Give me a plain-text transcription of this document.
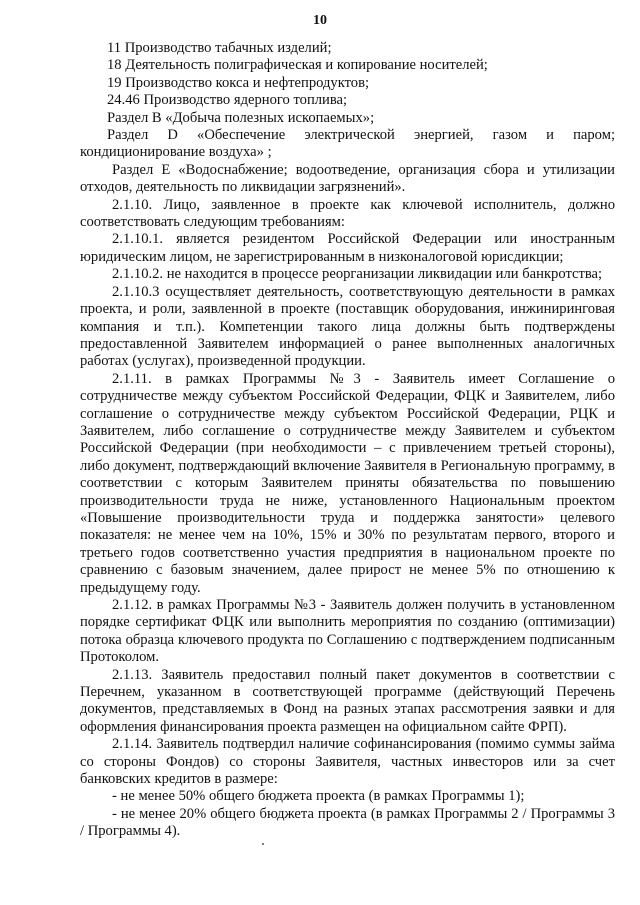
10

11 Производство табачных изделий;

18 Деятельность полиграфическая и копирование носителей;

19 Производство кокса и нефтепродуктов;

24.46 Производство ядерного топлива;

Раздел B «Добыча полезных ископаемых»;

Раздел D «Обеспечение электрической энергией, газом и паром; кондиционирование воздуха» ;

Раздел E «Водоснабжение; водоотведение, организация сбора и утилизации отходов, деятельность по ликвидации загрязнений».

2.1.10. Лицо, заявленное в проекте как ключевой исполнитель, должно соответствовать следующим требованиям:

2.1.10.1. является резидентом Российской Федерации или иностранным юридическим лицом, не зарегистрированным в низконалоговой юрисдикции;

2.1.10.2. не находится в процессе реорганизации ликвидации или банкротства;

2.1.10.3 осуществляет деятельность, соответствующую деятельности в рамках проекта, и роли, заявленной в проекте (поставщик оборудования, инжиниринговая компания и т.п.). Компетенции такого лица должны быть подтверждены предоставленной Заявителем информацией о ранее выполненных аналогичных работах (услугах), произведенной продукции.

2.1.11. в рамках Программы №3 - Заявитель имеет Соглашение о сотрудничестве между субъектом Российской Федерации, ФЦК и Заявителем, либо соглашение о сотрудничестве между субъектом Российской Федерации, РЦК и Заявителем, либо соглашение о сотрудничестве между Заявителем и субъектом Российской Федерации (при необходимости – с привлечением третьей стороны), либо документ, подтверждающий включение Заявителя в Региональную программу, в соответствии с которым Заявителем приняты обязательства по повышению производительности труда не ниже, установленного Национальным проектом «Повышение производительности труда и поддержка занятости» целевого показателя: не менее чем на 10%, 15% и 30% по результатам первого, второго и третьего годов соответственно участия предприятия в национальном проекте по сравнению с базовым значением, далее прирост не менее 5% по отношению к предыдущему году.

2.1.12. в рамках Программы №3 - Заявитель должен получить в установленном порядке сертификат ФЦК или выполнить мероприятия по созданию (оптимизации) потока образца ключевого продукта по Соглашению с подтверждением подписанным Протоколом.

2.1.13. Заявитель предоставил полный пакет документов в соответствии с Перечнем, указанном в соответствующей программе (действующий Перечень документов, представляемых в Фонд на разных этапах рассмотрения заявки и для оформления финансирования проекта размещен на официальном сайте ФРП).

2.1.14. Заявитель подтвердил наличие софинансирования (помимо суммы займа со стороны Фондов) со стороны Заявителя, частных инвесторов или за счет банковских кредитов в размере:

- не менее 50% общего бюджета проекта (в рамках Программы 1);

- не менее 20% общего бюджета проекта (в рамках Программы 2 / Программы 3 / Программы 4).
